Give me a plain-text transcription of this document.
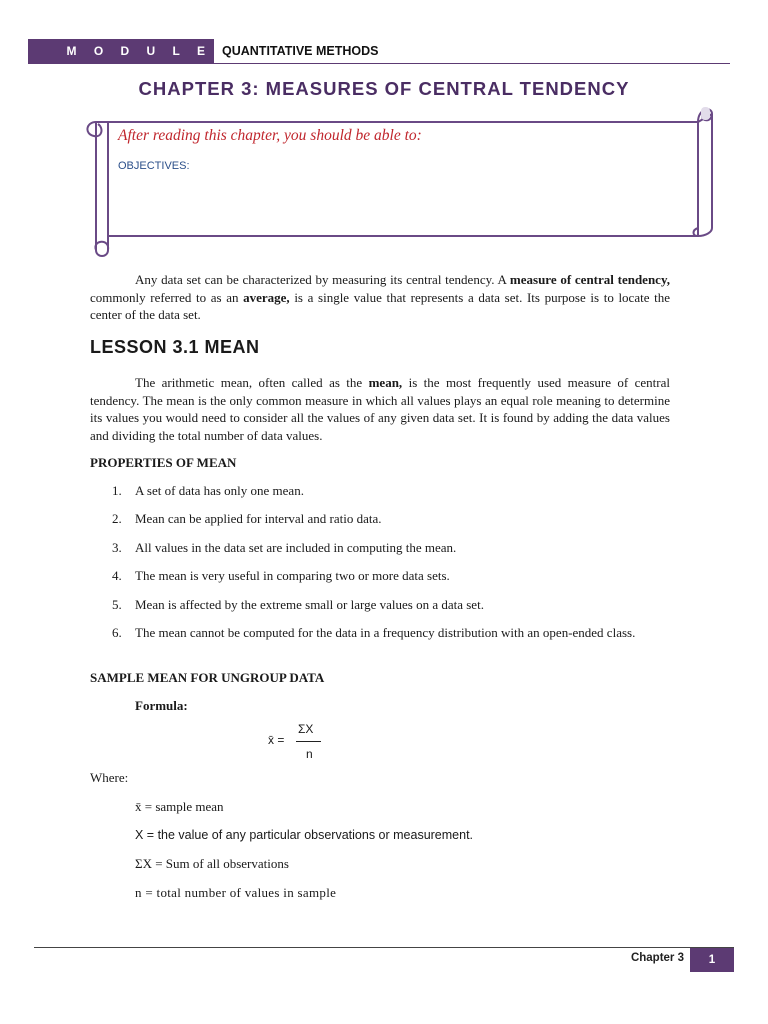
M O D U L E QUANTITATIVE METHODS
CHAPTER 3: MEASURES OF CENTRAL TENDENCY
After reading this chapter, you should be able to:
OBJECTIVES:

Any data set can be characterized by measuring its central tendency. A measure of central tendency, commonly referred to as an average, is a single value that represents a data set. Its purpose is to locate the center of the data set.

LESSON 3.1 MEAN

The arithmetic mean, often called as the mean, is the most frequently used measure of central tendency. The mean is the only common measure in which all values plays an equal role meaning to determine its values you would need to consider all the values of any given data set. It is found by adding the data values and dividing the total number of data values.

PROPERTIES OF MEAN
1. A set of data has only one mean.
2. Mean can be applied for interval and ratio data.
3. All values in the data set are included in computing the mean.
4. The mean is very useful in comparing two or more data sets.
5. Mean is affected by the extreme small or large values on a data set.
6. The mean cannot be computed for the data in a frequency distribution with an open-ended class.
SAMPLE MEAN FOR UNGROUP DATA
Formula:
x̄ =
ΣX
n
Where:
x̄ = sample mean
X = the value of any particular observations or measurement.
ΣX = Sum of all observations
n = total number of values in sample
Chapter 3	1
